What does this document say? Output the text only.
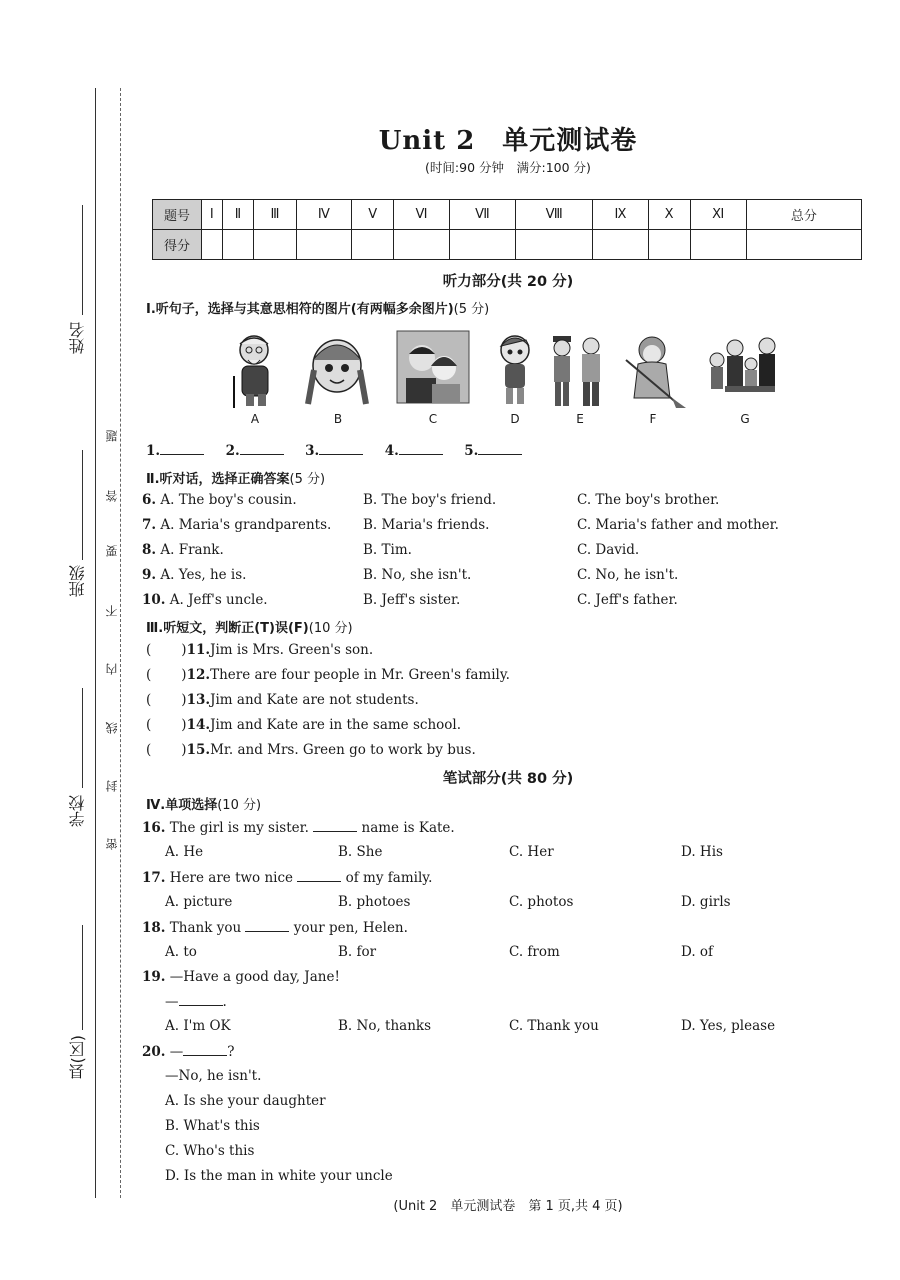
姓名
班级
学校
县(区)
题
答
要
不
内
线
封
密
Unit 2　单元测试卷
(时间:90 分钟　满分:100 分)
题号	Ⅰ	Ⅱ	Ⅲ	Ⅳ	Ⅴ	Ⅵ	Ⅶ	Ⅷ	Ⅸ	Ⅹ	Ⅺ	总分
得分												
听力部分(共 20 分)
Ⅰ.听句子，选择与其意思相符的图片(有两幅多余图片)(5 分)
A	B	C	D	E	F	G
1.	2.	3.	4.	5.
Ⅱ.听对话，选择正确答案(5 分)
6. A. The boy's cousin.	B. The boy's friend.	C. The boy's brother.
7. A. Maria's grandparents. B. Maria's friends.	C. Maria's father and mother.
8. A. Frank.	B. Tim.	C. David.
9. A. Yes, he is.	B. No, she isn't.	C. No, he isn't.
10. A. Jeff's uncle.	B. Jeff's sister.	C. Jeff's father.
Ⅲ.听短文，判断正(T)误(F)(10 分)
(       )11.Jim is Mrs. Green's son.
(       )12.There are four people in Mr. Green's family.
(       )13.Jim and Kate are not students.
(       )14.Jim and Kate are in the same school.
(       )15.Mr. and Mrs. Green go to work by bus.
笔试部分(共 80 分)
Ⅳ.单项选择(10 分)
16. The girl is my sister.	name is Kate.
A. He	B. She	C. Her	D. His
17. Here are two nice	of my family.
A. picture	B. photoes	C. photos	D. girls
18. Thank you	your pen, Helen.
A. to	B. for	C. from	D. of
19. —Have a good day, Jane!
—	.
A. I'm OK	B. No, thanks	C. Thank you	D. Yes, please
20. —	?
—No, he isn't.
A. Is she your daughter
B. What's this
C. Who's this
D. Is the man in white your uncle
(Unit 2　单元测试卷　第 1 页,共 4 页)
